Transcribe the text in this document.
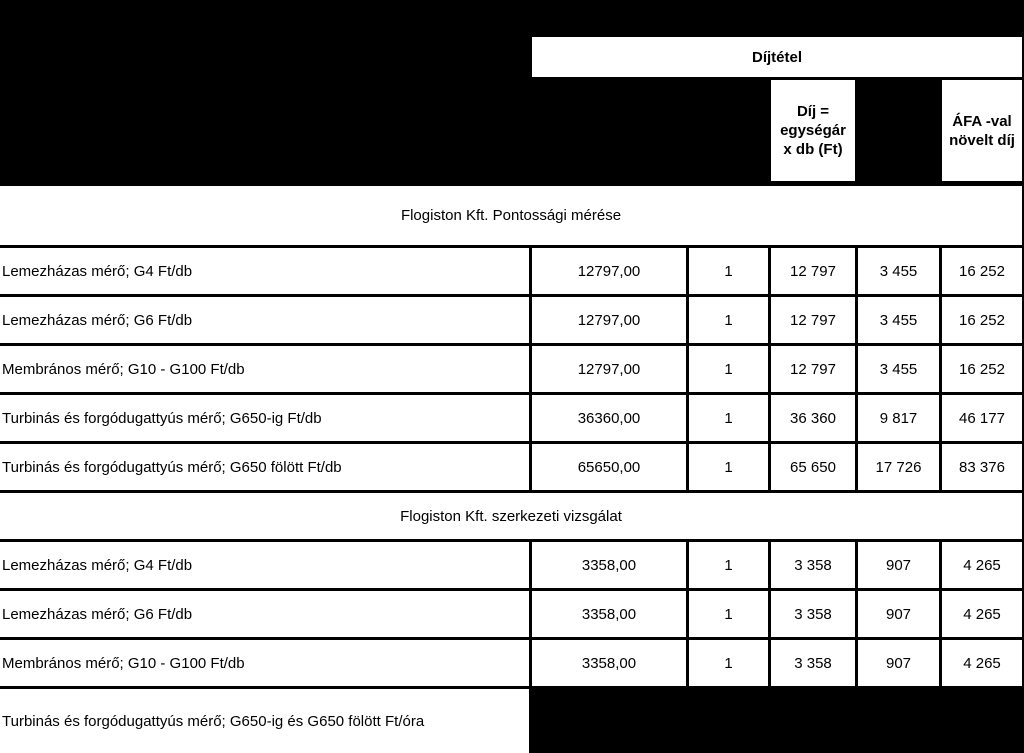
Díjtétel
Díj =
egységár
x db (Ft)
ÁFA -val
növelt díj
Flogiston Kft. Pontossági mérése
Lemezházas mérő; G4 Ft/db	12797,00	1	12 797	3 455	16 252
Lemezházas mérő; G6 Ft/db	12797,00	1	12 797	3 455	16 252
Membrános mérő; G10 - G100 Ft/db	12797,00	1	12 797	3 455	16 252
Turbinás és forgódugattyús mérő; G650-ig Ft/db	36360,00	1	36 360	9 817	46 177
Turbinás és forgódugattyús mérő; G650 fölött Ft/db	65650,00	1	65 650	17 726	83 376
Flogiston Kft. szerkezeti vizsgálat
Lemezházas mérő; G4 Ft/db	3358,00	1	3 358	907	4 265
Lemezházas mérő; G6 Ft/db	3358,00	1	3 358	907	4 265
Membrános mérő; G10 - G100 Ft/db	3358,00	1	3 358	907	4 265
Turbinás és forgódugattyús mérő; G650-ig és G650 fölött Ft/óra
